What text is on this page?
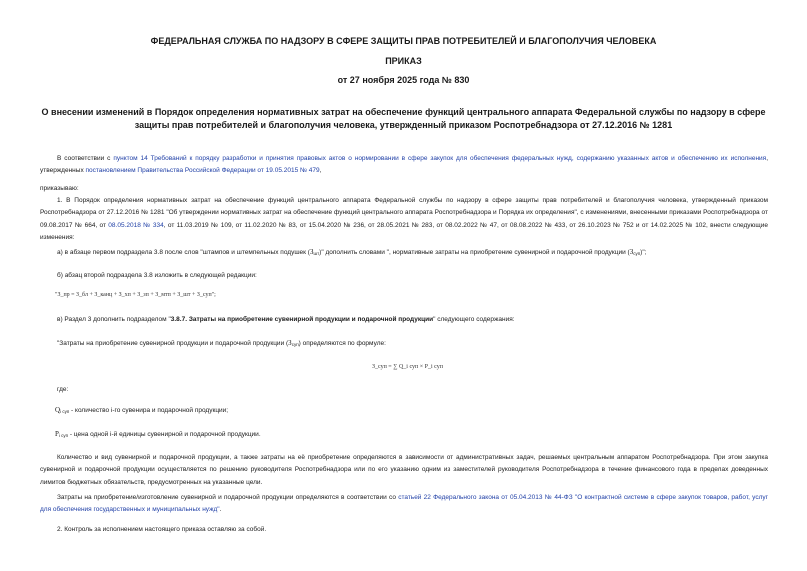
ФЕДЕРАЛЬНАЯ СЛУЖБА ПО НАДЗОРУ В СФЕРЕ ЗАЩИТЫ ПРАВ ПОТРЕБИТЕЛЕЙ И БЛАГОПОЛУЧИЯ ЧЕЛОВЕКА
ПРИКАЗ
от 27 ноября 2025 года № 830
О внесении изменений в Порядок определения нормативных затрат на обеспечение функций центрального аппарата Федеральной службы по надзору в сфере защиты прав потребителей и благополучия человека, утвержденный приказом Роспотребнадзора от 27.12.2016 № 1281
В соответствии с пунктом 14 Требований к порядку разработки и принятия правовых актов о нормировании в сфере закупок для обеспечения федеральных нужд, содержанию указанных актов и обеспечению их исполнения, утвержденных постановлением Правительства Российской Федерации от 19.05.2015 № 479,
приказываю:
1. В Порядок определения нормативных затрат на обеспечение функций центрального аппарата Федеральной службы по надзору в сфере защиты прав потребителей и благополучия человека, утвержденный приказом Роспотребнадзора от 27.12.2016 № 1281 "Об утверждении нормативных затрат на обеспечение функций центрального аппарата Роспотребнадзора и Порядка их определения", с изменениями, внесенными приказами Роспотребнадзора от 09.08.2017 № 664, от 08.05.2018 № 334, от 11.03.2019 № 109, от 11.02.2020 № 83, от 15.04.2020 № 236, от 28.05.2021 № 283, от 08.02.2022 № 47, от 08.08.2022 № 433, от 26.10.2023 № 752 и от 14.02.2025 № 102, внести следующие изменения:
а) в абзаце первом подраздела 3.8 после слов "штампов и штемпельных подушек $(З_{шт})$" дополнить словами ", нормативные затраты на приобретение сувенирной и подарочной продукции $(З_{суп})$";
б) абзац второй подраздела 3.8 изложить в следующей редакции:
"З_пр = З_бл + З_канц + З_хп + З_зп + З_мтп + З_шт + З_суп";
в) Раздел 3 дополнить подразделом "3.8.7. Затраты на приобретение сувенирной продукции и подарочной продукции" следующего содержания:
"Затраты на приобретение сувенирной продукции и подарочной продукции $(З_{суп})$ определяются по формуле:
З_суп = ∑ Q_i суп × P_i суп
где:
$Q_{i суп}$ - количество i-го сувенира и подарочной продукции;
$P_{i суп}$ - цена одной i-й единицы сувенирной и подарочной продукции.
Количество и вид сувенирной и подарочной продукции, а также затраты на её приобретение определяются в зависимости от административных задач, решаемых центральным аппаратом Роспотребнадзора. При этом закупка сувенирной и подарочной продукции осуществляется по решению руководителя Роспотребнадзора или по его указанию одним из заместителей руководителя Роспотребнадзора в течение финансового года в пределах доведенных лимитов бюджетных обязательств, предусмотренных на указанные цели.
Затраты на приобретение/изготовление сувенирной и подарочной продукции определяются в соответствии со статьей 22 Федерального закона от 05.04.2013 № 44-ФЗ "О контрактной системе в сфере закупок товаров, работ, услуг для обеспечения государственных и муниципальных нужд".
2. Контроль за исполнением настоящего приказа оставляю за собой.
